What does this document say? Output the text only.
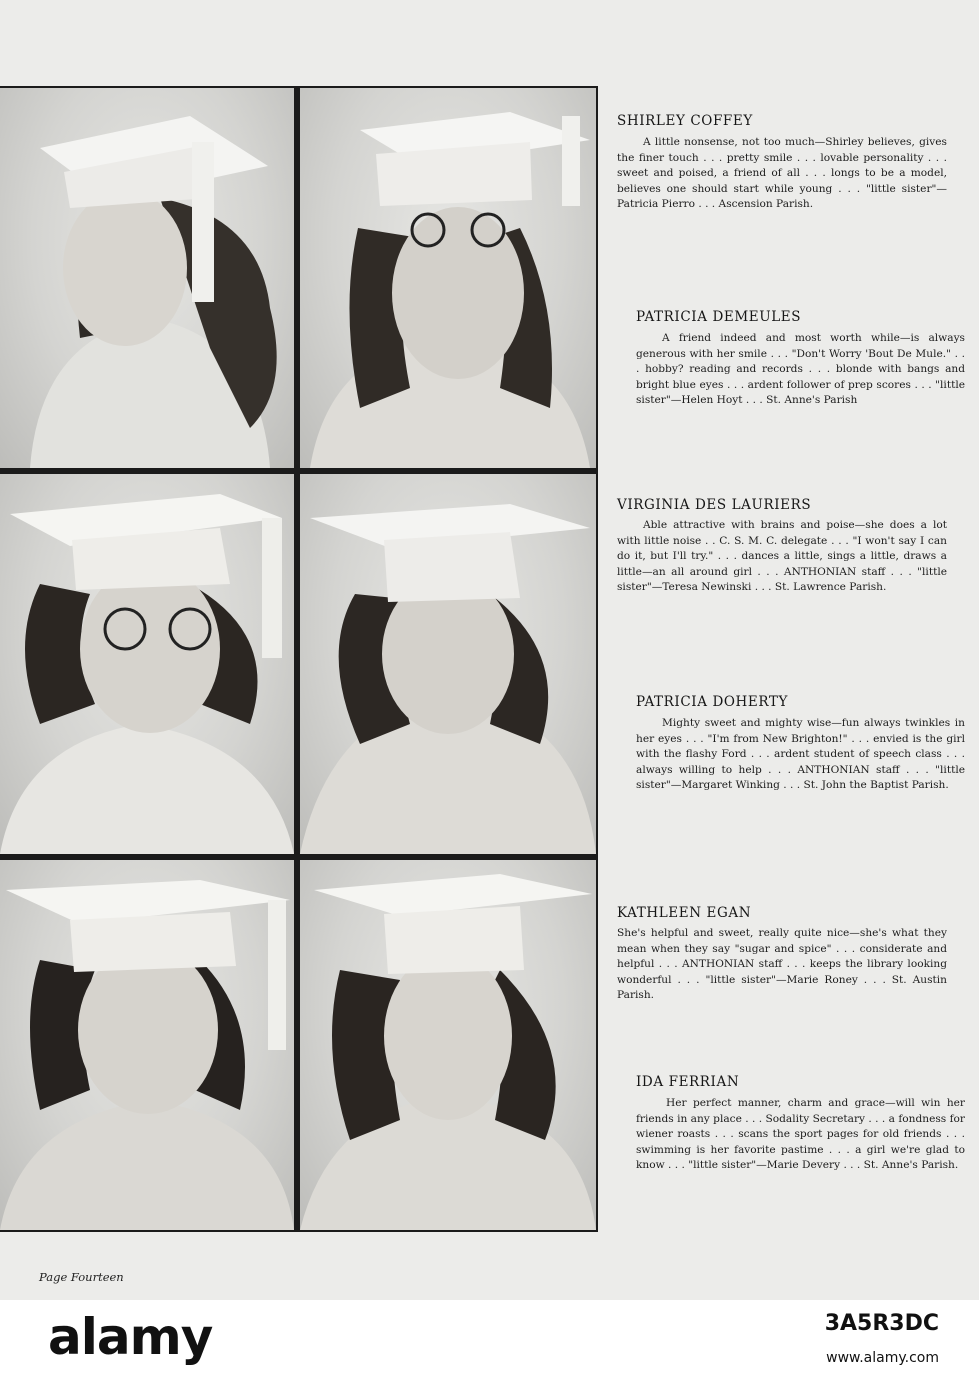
SHIRLEY COFFEY
A little nonsense, not too much—Shirley believes, gives the finer touch . . . pretty smile . . . lovable personality . . . sweet and poised, a friend of all . . . longs to be a model, believes one should start while young . . . "little sister"—Patricia Pierro . . . Ascension Parish.
PATRICIA DEMEULES
A friend indeed and most worth while—is always generous with her smile . . . "Don't Worry 'Bout De Mule." . . . hobby? reading and records . . . blonde with bangs and bright blue eyes . . . ardent follower of prep scores . . . "little sister"—Helen Hoyt . . . St. Anne's Parish
VIRGINIA DES LAURIERS
Able attractive with brains and poise—she does a lot with little noise . . C. S. M. C. delegate . . . "I won't say I can do it, but I'll try." . . . dances a little, sings a little, draws a little—an all around girl . . . ANTHONIAN staff . . . "little sister"—Teresa Newinski . . . St. Lawrence Parish.
PATRICIA DOHERTY
Mighty sweet and mighty wise—fun always twinkles in her eyes . . . "I'm from New Brighton!" . . . envied is the girl with the flashy Ford . . . ardent student of speech class . . . always willing to help . . . ANTHONIAN staff . . . "little sister"—Margaret Winking . . . St. John the Baptist Parish.
KATHLEEN EGAN
She's helpful and sweet, really quite nice—she's what they mean when they say "sugar and spice" . . . considerate and helpful . . . ANTHONIAN staff . . . keeps the library looking wonderful . . . "little sister"—Marie Roney . . . St. Austin Parish.
IDA FERRIAN
Her perfect manner, charm and grace—will win her friends in any place . . . Sodality Secretary . . . a fondness for wiener roasts . . . scans the sport pages for old friends . . . swimming is her favorite pastime . . . a girl we're glad to know . . . "little sister"—Marie Devery . . . St. Anne's Parish.
Page Fourteen
alamy	3A5R3DC
www.alamy.com
